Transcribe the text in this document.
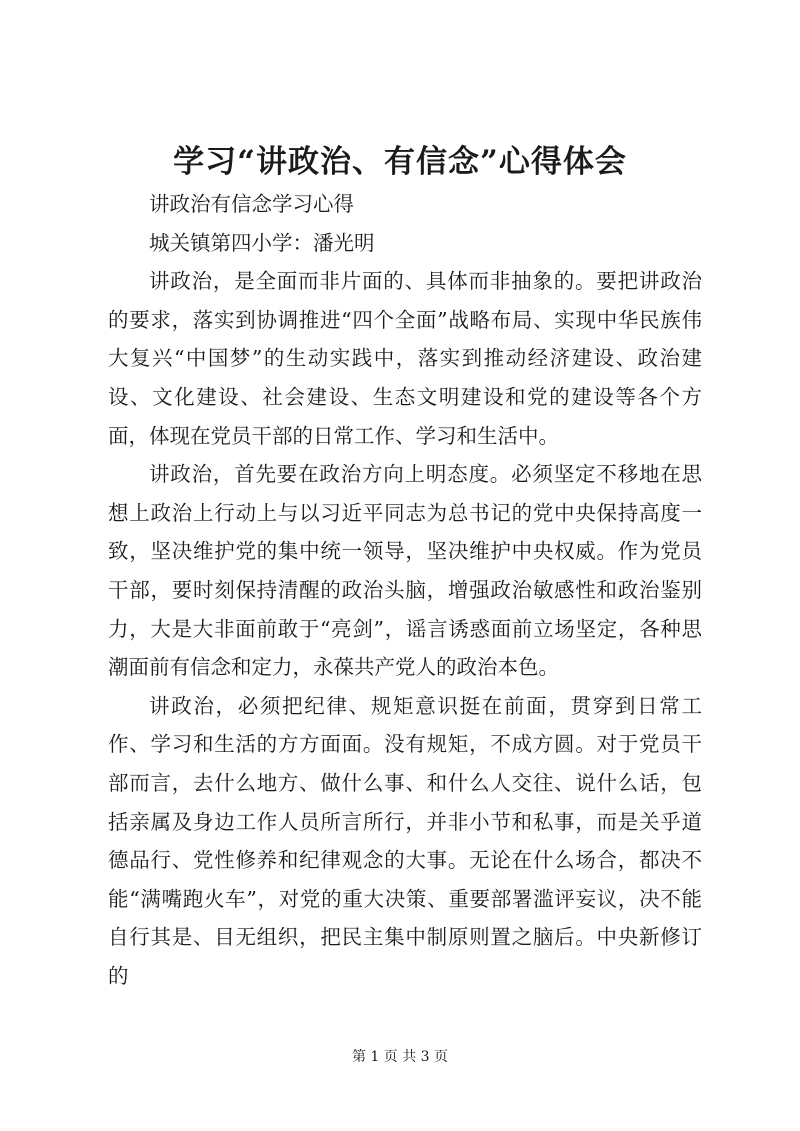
学习“讲政治、有信念”心得体会

讲政治有信念学习心得

城关镇第四小学：潘光明

讲政治，是全面而非片面的、具体而非抽象的。要把讲政治的要求，落实到协调推进“四个全面”战略布局、实现中华民族伟大复兴“中国梦”的生动实践中，落实到推动经济建设、政治建设、文化建设、社会建设、生态文明建设和党的建设等各个方面，体现在党员干部的日常工作、学习和生活中。

讲政治，首先要在政治方向上明态度。必须坚定不移地在思想上政治上行动上与以习近平同志为总书记的党中央保持高度一致，坚决维护党的集中统一领导，坚决维护中央权威。作为党员干部，要时刻保持清醒的政治头脑，增强政治敏感性和政治鉴别力，大是大非面前敢于“亮剑”，谣言诱惑面前立场坚定，各种思潮面前有信念和定力，永葆共产党人的政治本色。

讲政治，必须把纪律、规矩意识挺在前面，贯穿到日常工作、学习和生活的方方面面。没有规矩，不成方圆。对于党员干部而言，去什么地方、做什么事、和什么人交往、说什么话，包括亲属及身边工作人员所言所行，并非小节和私事，而是关乎道德品行、党性修养和纪律观念的大事。无论在什么场合，都决不能“满嘴跑火车”，对党的重大决策、重要部署滥评妄议，决不能自行其是、目无组织，把民主集中制原则置之脑后。中央新修订的

第 1 页 共 3 页
